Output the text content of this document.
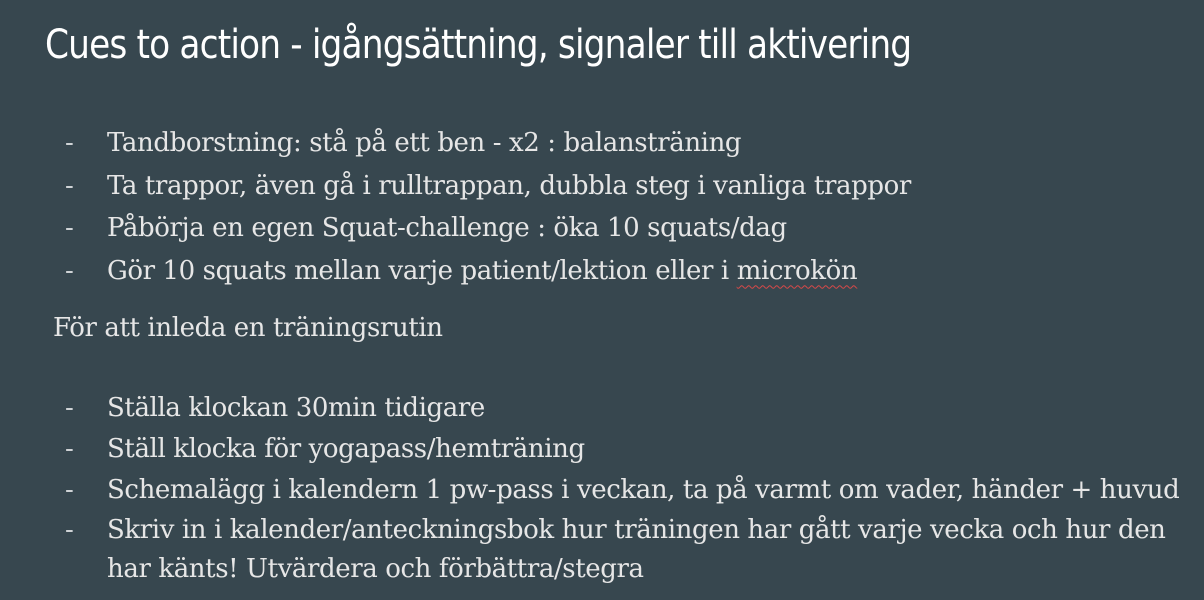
Cues to action - igångsättning, signaler till aktivering
- Tandborstning: stå på ett ben - x2 : balansträning
- Ta trappor, även gå i rulltrappan, dubbla steg i vanliga trappor
- Påbörja en egen Squat-challenge : öka 10 squats/dag
- Gör 10 squats mellan varje patient/lektion eller i microkön

För att inleda en träningsrutin

- Ställa klockan 30min tidigare
- Ställ klocka för yogapass/hemträning
- Schemalägg i kalendern 1 pw-pass i veckan, ta på varmt om vader, händer + huvud
- Skriv in i kalender/anteckningsbok hur träningen har gått varje vecka och hur den har känts! Utvärdera och förbättra/stegra
